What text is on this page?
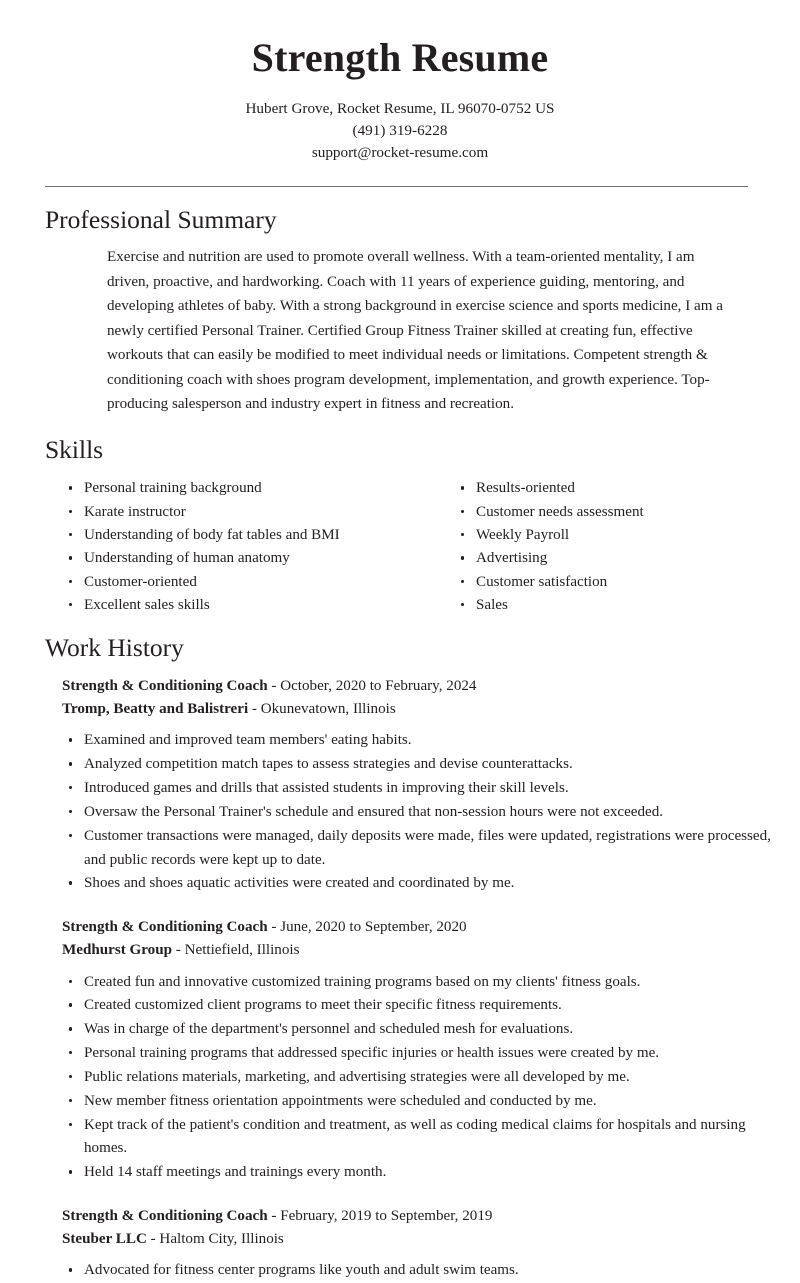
Strength Resume
Hubert Grove, Rocket Resume, IL 96070-0752 US
(491) 319-6228
support@rocket-resume.com
Professional Summary

Exercise and nutrition are used to promote overall wellness. With a team-oriented mentality, I am driven, proactive, and hardworking. Coach with 11 years of experience guiding, mentoring, and developing athletes of baby. With a strong background in exercise science and sports medicine, I am a newly certified Personal Trainer. Certified Group Fitness Trainer skilled at creating fun, effective workouts that can easily be modified to meet individual needs or limitations. Competent strength & conditioning coach with shoes program development, implementation, and growth experience. Top-producing salesperson and industry expert in fitness and recreation.

Skills
Personal training background
Karate instructor
Understanding of body fat tables and BMI
Understanding of human anatomy
Customer-oriented
Excellent sales skills
Results-oriented
Customer needs assessment
Weekly Payroll
Advertising
Customer satisfaction
Sales
Work History
Strength & Conditioning Coach - October, 2020 to February, 2024
Tromp, Beatty and Balistreri - Okunevatown, Illinois
Examined and improved team members' eating habits.
Analyzed competition match tapes to assess strategies and devise counterattacks.
Introduced games and drills that assisted students in improving their skill levels.
Oversaw the Personal Trainer's schedule and ensured that non-session hours were not exceeded.
Customer transactions were managed, daily deposits were made, files were updated, registrations were processed, and public records were kept up to date.
Shoes and shoes aquatic activities were created and coordinated by me.
Strength & Conditioning Coach - June, 2020 to September, 2020
Medhurst Group - Nettiefield, Illinois
Created fun and innovative customized training programs based on my clients' fitness goals.
Created customized client programs to meet their specific fitness requirements.
Was in charge of the department's personnel and scheduled mesh for evaluations.
Personal training programs that addressed specific injuries or health issues were created by me.
Public relations materials, marketing, and advertising strategies were all developed by me.
New member fitness orientation appointments were scheduled and conducted by me.
Kept track of the patient's condition and treatment, as well as coding medical claims for hospitals and nursing homes.
Held 14 staff meetings and trainings every month.
Strength & Conditioning Coach - February, 2019 to September, 2019
Steuber LLC - Haltom City, Illinois
Advocated for fitness center programs like youth and adult swim teams.
